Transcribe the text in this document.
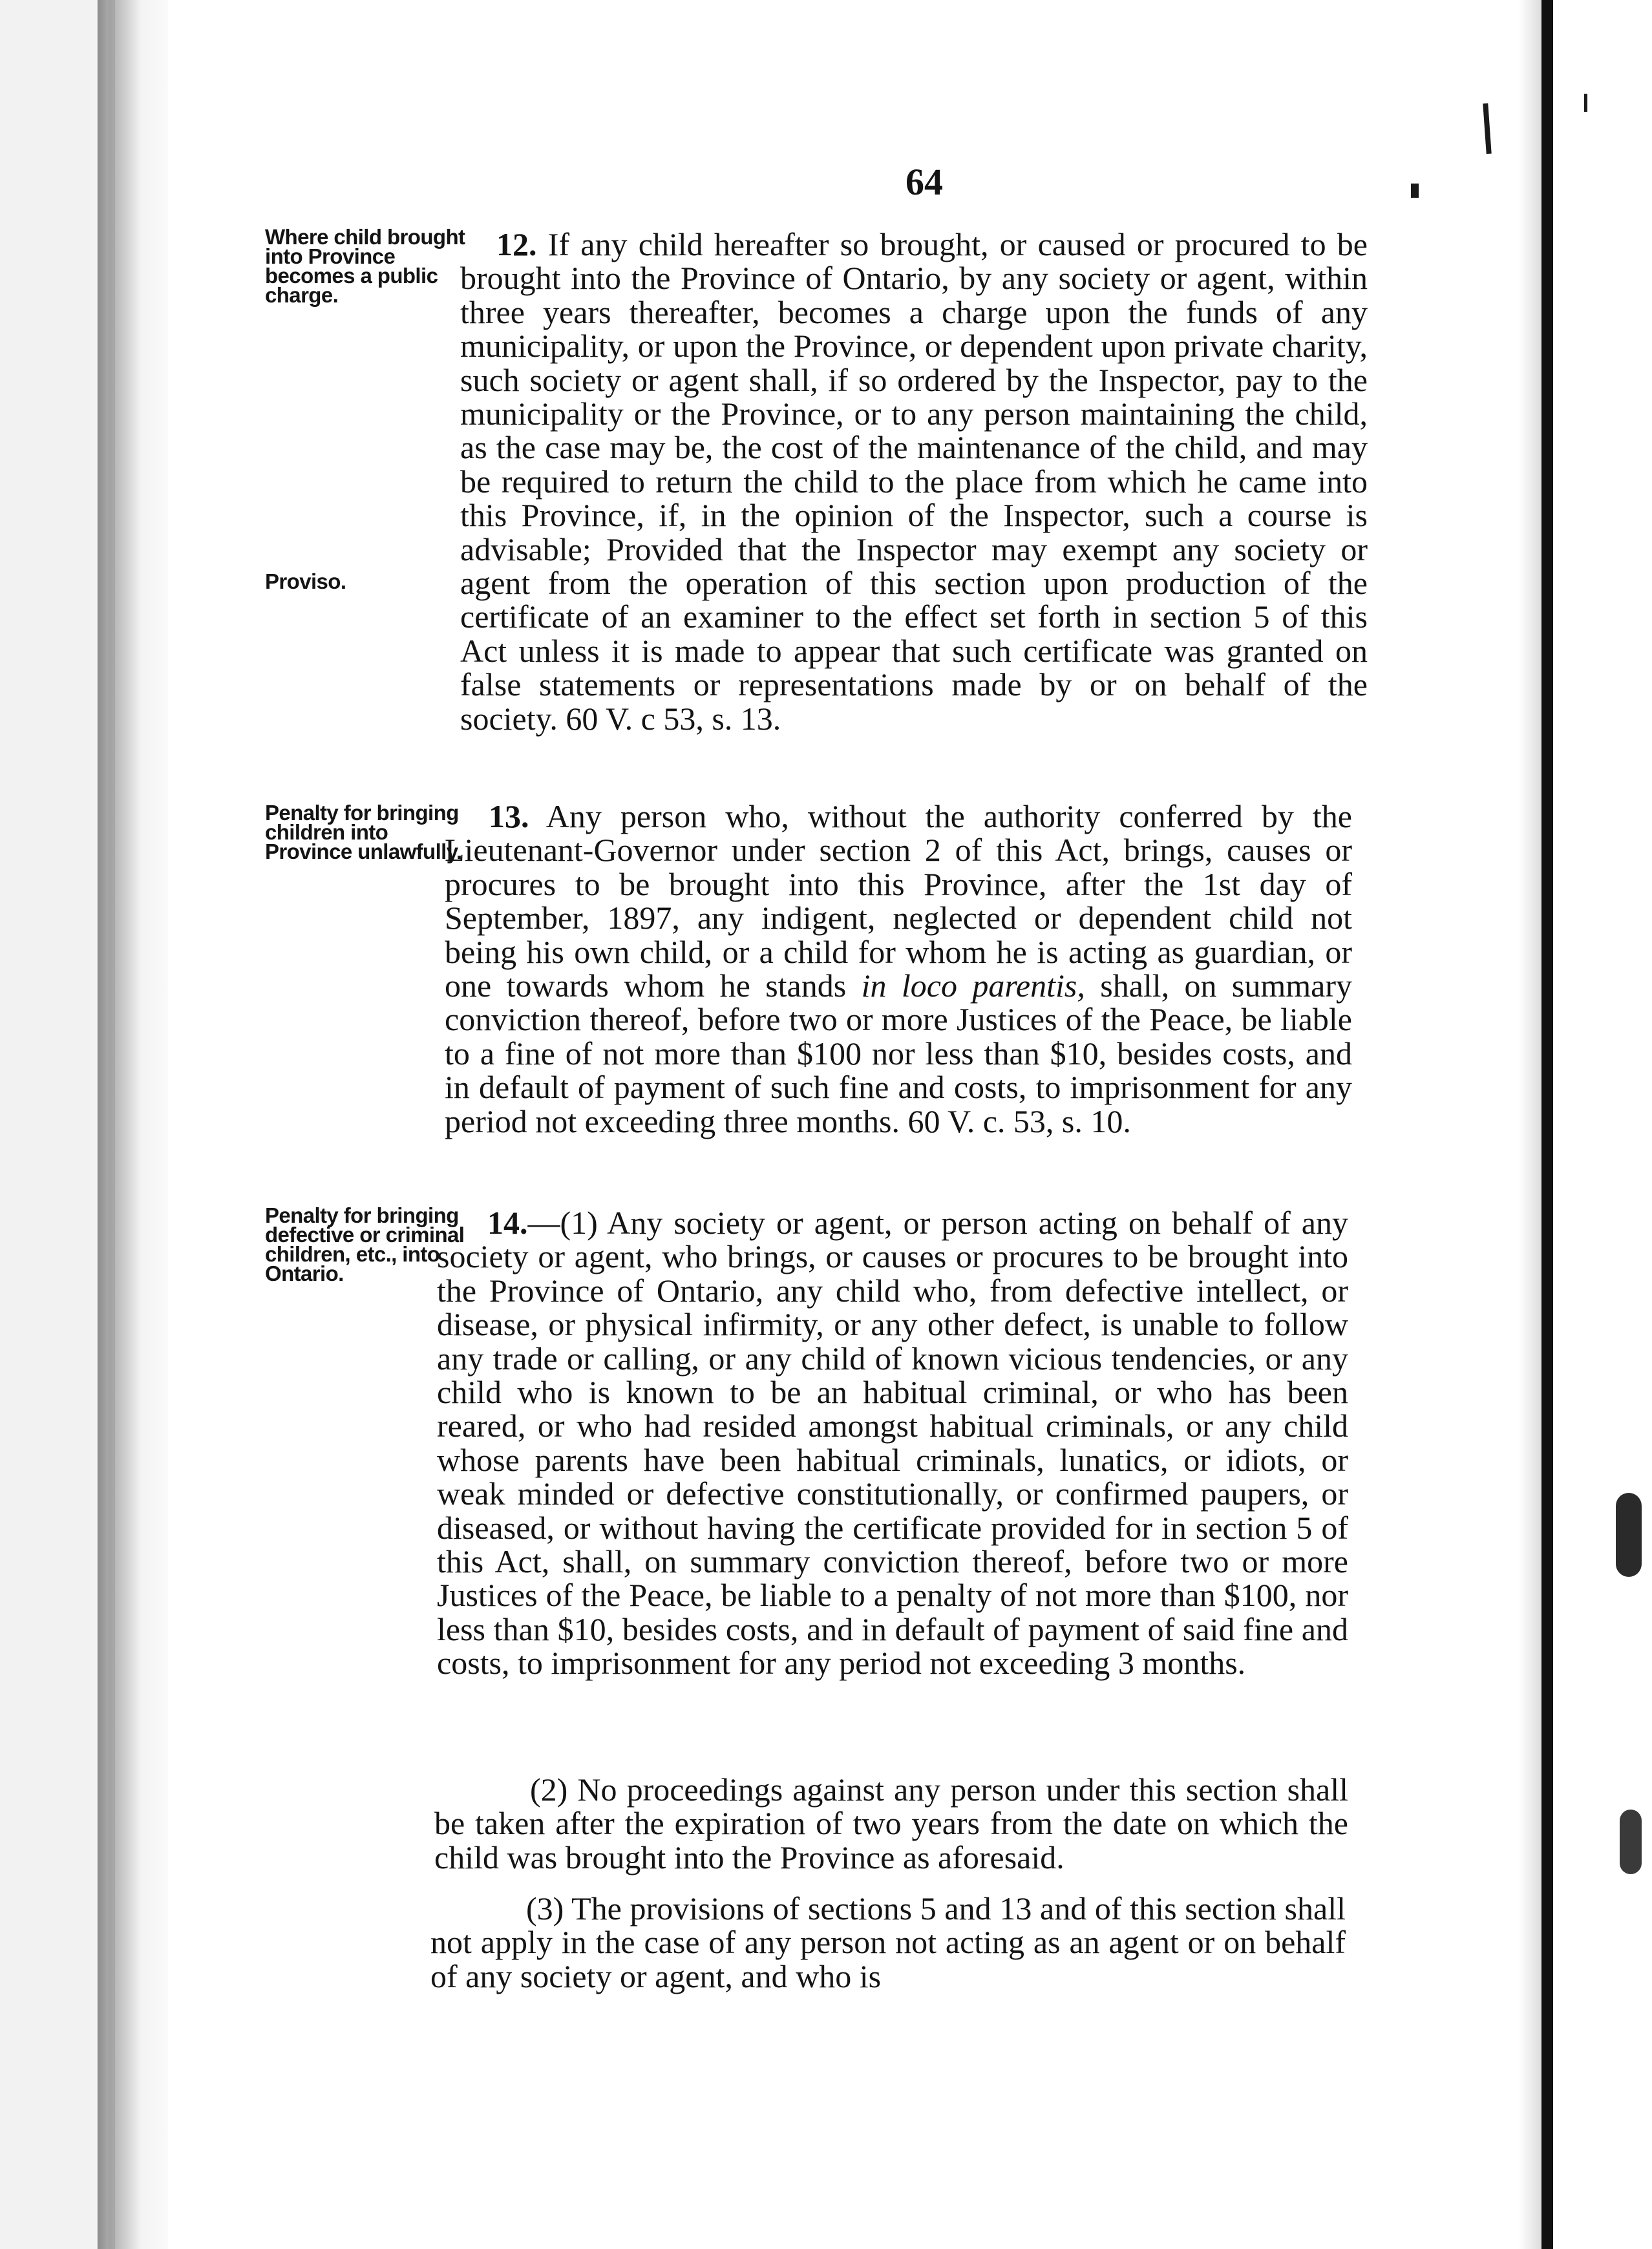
64

Where child brought into Province becomes a public charge.

Proviso.

Penalty for bringing children into Province unlawfully.

Penalty for bringing defective or criminal children, etc., into Ontario.

12. If any child hereafter so brought, or caused or procured to be brought into the Province of Ontario, by any society or agent, within three years thereafter, becomes a charge upon the funds of any municipality, or upon the Province, or dependent upon private charity, such society or agent shall, if so ordered by the Inspector, pay to the municipality or the Province, or to any person maintaining the child, as the case may be, the cost of the maintenance of the child, and may be required to return the child to the place from which he came into this Province, if, in the opinion of the Inspector, such a course is advisable; Provided that the Inspector may exempt any society or agent from the operation of this section upon production of the certificate of an examiner to the effect set forth in section 5 of this Act unless it is made to appear that such certificate was granted on false statements or representations made by or on behalf of the society. 60 V. c 53, s. 13.

13. Any person who, without the authority conferred by the Lieutenant-Governor under section 2 of this Act, brings, causes or procures to be brought into this Province, after the 1st day of September, 1897, any indigent, neglected or dependent child not being his own child, or a child for whom he is acting as guardian, or one towards whom he stands in loco parentis, shall, on summary conviction thereof, before two or more Justices of the Peace, be liable to a fine of not more than $100 nor less than $10, besides costs, and in default of payment of such fine and costs, to imprisonment for any period not exceeding three months. 60 V. c. 53, s. 10.

14.—(1) Any society or agent, or person acting on behalf of any society or agent, who brings, or causes or procures to be brought into the Province of Ontario, any child who, from defective intellect, or disease, or physical infirmity, or any other defect, is unable to follow any trade or calling, or any child of known vicious tendencies, or any child who is known to be an habitual criminal, or who has been reared, or who had resided amongst habitual criminals, or any child whose parents have been habitual criminals, lunatics, or idiots, or weak minded or defective constitutionally, or confirmed paupers, or diseased, or without having the certificate provided for in section 5 of this Act, shall, on summary conviction thereof, before two or more Justices of the Peace, be liable to a penalty of not more than $100, nor less than $10, besides costs, and in default of payment of said fine and costs, to imprisonment for any period not exceeding 3 months.

(2) No proceedings against any person under this section shall be taken after the expiration of two years from the date on which the child was brought into the Province as aforesaid.

(3) The provisions of sections 5 and 13 and of this section shall not apply in the case of any person not acting as an agent or on behalf of any society or agent, and who is
